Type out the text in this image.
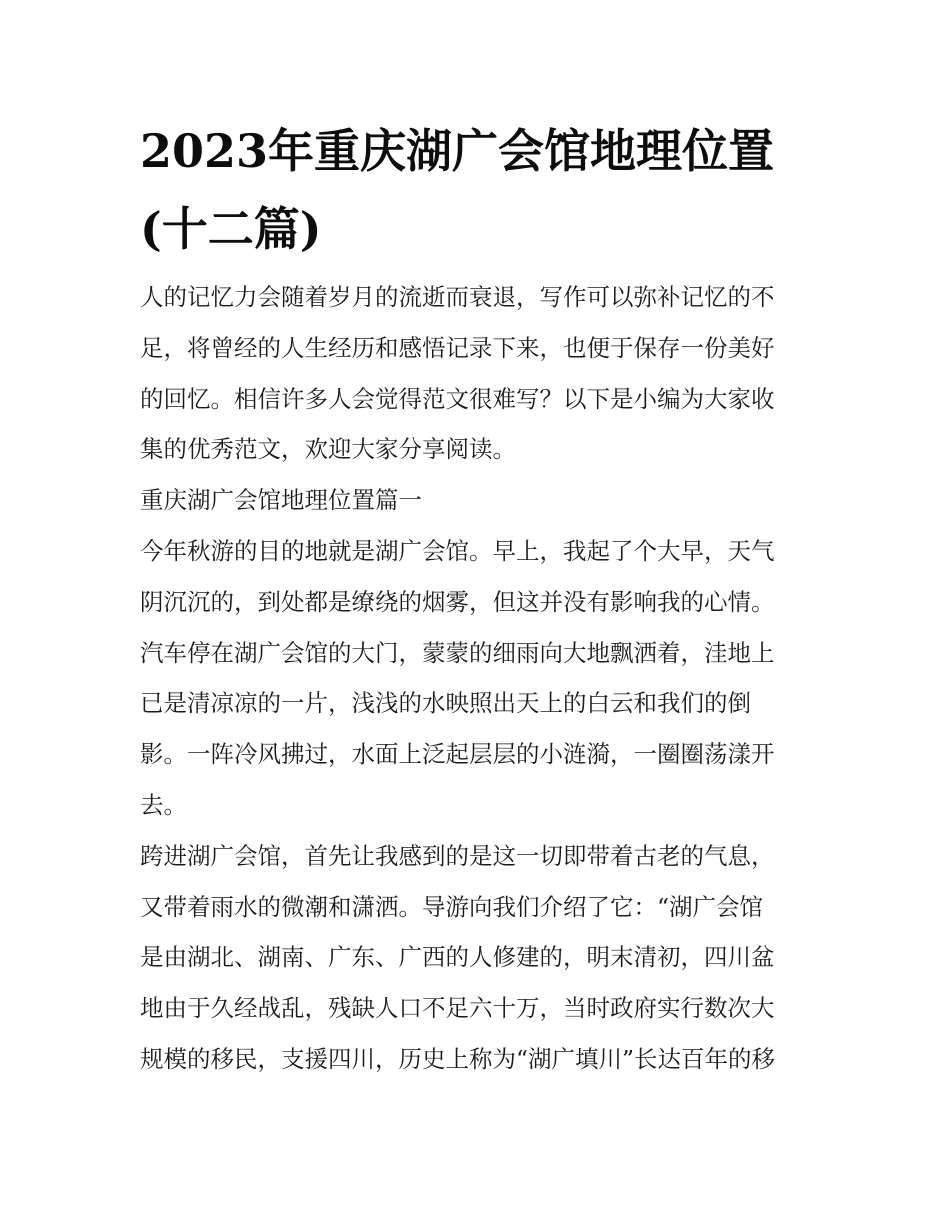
2023年重庆湖广会馆地理位置
(十二篇)
人的记忆力会随着岁月的流逝而衰退，写作可以弥补记忆的不
足，将曾经的人生经历和感悟记录下来，也便于保存一份美好
的回忆。相信许多人会觉得范文很难写？以下是小编为大家收
集的优秀范文，欢迎大家分享阅读。
重庆湖广会馆地理位置篇一
今年秋游的目的地就是湖广会馆。早上，我起了个大早，天气
阴沉沉的，到处都是缭绕的烟雾，但这并没有影响我的心情。
汽车停在湖广会馆的大门，蒙蒙的细雨向大地飘洒着，洼地上
已是清凉凉的一片，浅浅的水映照出天上的白云和我们的倒
影。一阵冷风拂过，水面上泛起层层的小涟漪，一圈圈荡漾开
去。
跨进湖广会馆，首先让我感到的是这一切即带着古老的气息，
又带着雨水的微潮和潇洒。导游向我们介绍了它：“湖广会馆
是由湖北、湖南、广东、广西的人修建的，明末清初，四川盆
地由于久经战乱，残缺人口不足六十万，当时政府实行数次大
规模的移民，支援四川，历史上称为“湖广填川”长达百年的移
